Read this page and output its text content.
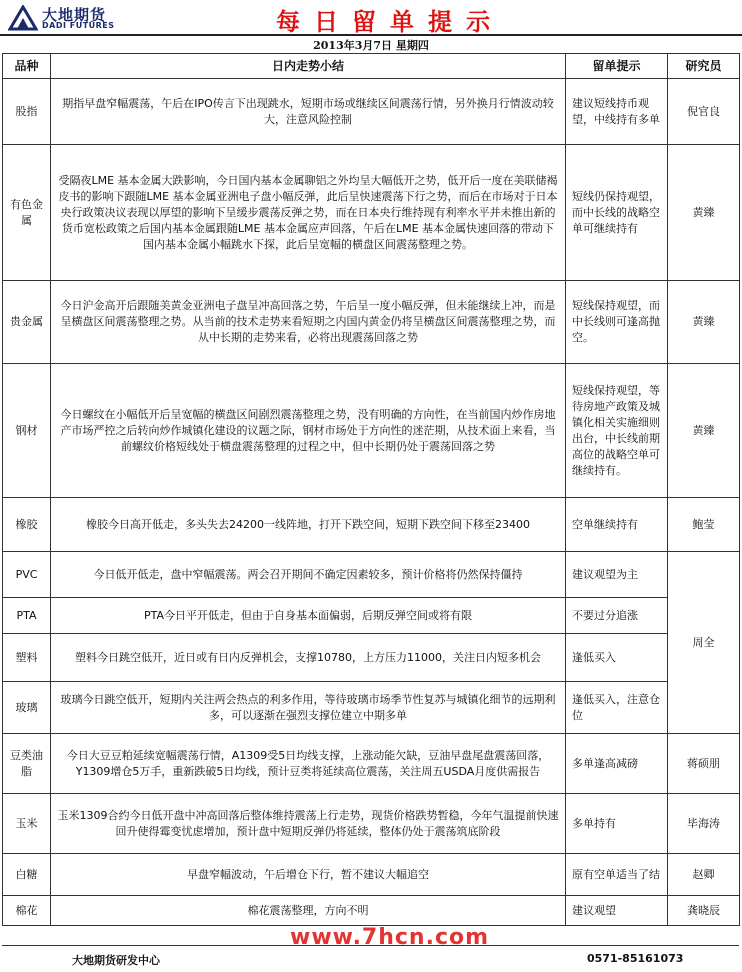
大地期货
DADI FUTURES	每日留单提示
2013年3月7日 星期四
品种	日内走势小结	留单提示	研究员
股指	期指早盘窄幅震荡，午后在IPO传言下出现跳水，短期市场或继续区间震荡行情，另外换月行情波动较大，注意风险控制	建议短线持币观望，中线持有多单	倪官良
有色金属	受隔夜LME 基本金属大跌影响，今日国内基本金属聊铝之外均呈大幅低开之势，低开后一度在美联储褐皮书的影响下跟随LME 基本金属亚洲电子盘小幅反弹，此后呈快速震荡下行之势，而后在市场对于日本央行政策决议表现以厚望的影响下呈缓步震荡反弹之势，而在日本央行维持现有利率水平并未推出新的货币宽松政策之后国内基本金属跟随LME 基本金属应声回落，午后在LME 基本金属快速回落的带动下国内基本金属小幅跳水下探，此后呈宽幅的横盘区间震荡整理之势。	短线仍保持观望，而中长线的战略空单可继续持有	黄臻
贵金属	今日沪金高开后跟随美黄金亚洲电子盘呈冲高回落之势，午后呈一度小幅反弹，但未能继续上冲，而是呈横盘区间震荡整理之势。从当前的技术走势来看短期之内国内黄金仍将呈横盘区间震荡整理之势，而从中长期的走势来看，必将出现震荡回落之势	短线保持观望，而中长线则可逢高抛空。	黄臻
钢材	今日螺纹在小幅低开后呈宽幅的横盘区间剧烈震荡整理之势，没有明确的方向性，在当前国内炒作房地产市场严控之后转向炒作城镇化建设的议题之际，钢材市场处于方向性的迷茫期，从技术面上来看，当前螺纹价格短线处于横盘震荡整理的过程之中，但中长期仍处于震荡回落之势	短线保持观望，等待房地产政策及城镇化相关实施细则出台，中长线前期高位的战略空单可继续持有。	黄臻
橡胶	橡胶今日高开低走，多头失去24200一线阵地，打开下跌空间，短期下跌空间下移至23400	空单继续持有	鲍莹
PVC	今日低开低走，盘中窄幅震荡。两会召开期间不确定因素较多，预计价格将仍然保持僵持	建议观望为主	周全
PTA	PTA今日平开低走，但由于自身基本面偏弱，后期反弹空间或将有限	不要过分追涨	
塑料	塑料今日跳空低开，近日或有日内反弹机会，支撑10780，上方压力11000，关注日内短多机会	逢低买入	
玻璃	玻璃今日跳空低开，短期内关注两会热点的利多作用，等待玻璃市场季节性复苏与城镇化细节的远期利多，可以逐渐在强烈支撑位建立中期多单	逢低买入，注意仓位	
豆类油脂	今日大豆豆粕延续宽幅震荡行情，A1309受5日均线支撑，上涨动能欠缺，豆油早盘尾盘震荡回落，Y1309增仓5万手，重新跌破5日均线，预计豆类将延续高位震荡，关注周五USDA月度供需报告	多单逢高减磅	蒋硕朋
玉米	玉米1309合约今日低开盘中冲高回落后整体维持震荡上行走势，现货价格跌势暂稳，今年气温提前快速回升使得霉变忧虑增加，预计盘中短期反弹仍将延续，整体仍处于震荡筑底阶段	多单持有	毕海涛
白糖	早盘窄幅波动，午后增仓下行，暂不建议大幅追空	原有空单适当了结	赵卿
棉花	棉花震荡整理，方向不明	建议观望	龚晓辰
www.7hcn.com
大地期货研发中心	0571-85161073
